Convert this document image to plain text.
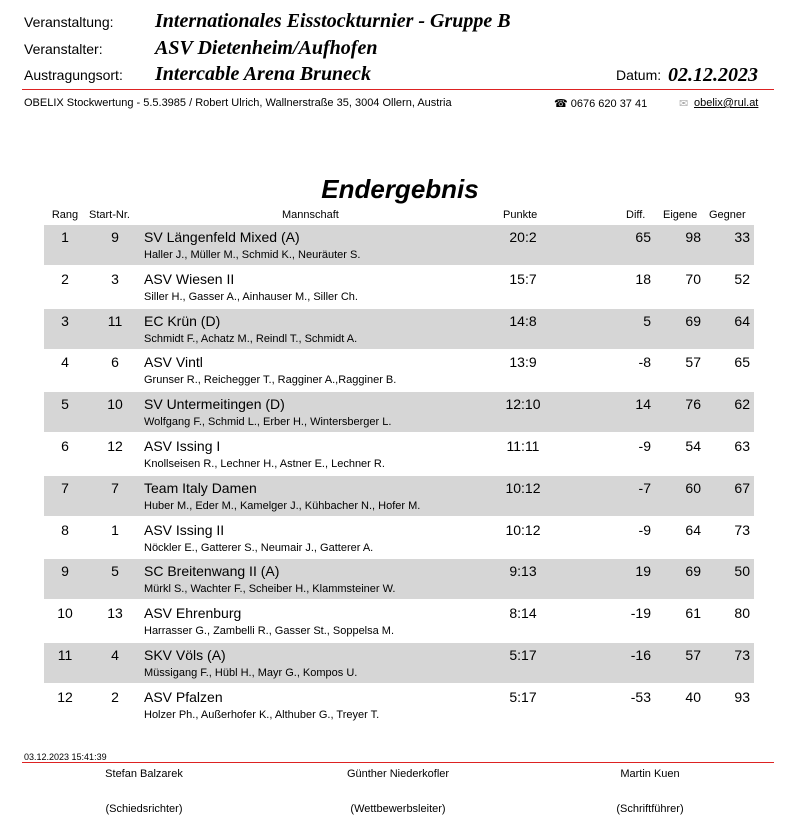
Veranstaltung: Internationales Eisstockturnier - Gruppe B
Veranstalter:	ASV Dietenheim/Aufhofen
Austragungsort: Intercable Arena Bruneck	Datum: 02.12.2023
OBELIX Stockwertung - 5.5.3985 / Robert Ulrich, Wallnerstraße 35, 3004 Ollern, Austria	☎ 0676 620 37 41	✉ obelix@rul.at
Endergebnis
Rang Start-Nr.	Mannschaft	Punkte	Diff. Eigene Gegner
1	9	SV Längenfeld Mixed (A)	20:2	65	98	33
Haller J., Müller M., Schmid K., Neuräuter S.
2	3	ASV Wiesen II	15:7	18	70	52
Siller H., Gasser A., Ainhauser M., Siller Ch.
3	11	EC Krün (D)	14:8	5	69	64
Schmidt F., Achatz M., Reindl T., Schmidt A.
4	6	ASV Vintl	13:9	-8	57	65
Grunser R., Reichegger T., Ragginer A.,Ragginer B.
5	10	SV Untermeitingen (D)	12:10	14	76	62
Wolfgang F., Schmid L., Erber H., Wintersberger L.
6	12	ASV Issing I	11:11	-9	54	63
Knollseisen R., Lechner H., Astner E., Lechner R.
7	7	Team Italy Damen	10:12	-7	60	67
Huber M., Eder M., Kamelger J., Kühbacher N., Hofer M.
8	1	ASV Issing II	10:12	-9	64	73
Nöckler E., Gatterer S., Neumair J., Gatterer A.
9	5	SC Breitenwang II (A)	9:13	19	69	50
Mürkl S., Wachter F., Scheiber H., Klammsteiner W.
10	13	ASV Ehrenburg	8:14	-19	61	80
Harrasser G., Zambelli R., Gasser St., Soppelsa M.
11	4	SKV Völs (A)	5:17	-16	57	73
Müssigang F., Hübl H., Mayr G., Kompos U.
12	2	ASV Pfalzen	5:17	-53	40	93
Holzer Ph., Außerhofer K., Althuber G., Treyer T.
03.12.2023 15:41:39
Stefan Balzarek
(Schiedsrichter)
Günther Niederkofler
(Wettbewerbsleiter)
Martin Kuen
(Schriftführer)
